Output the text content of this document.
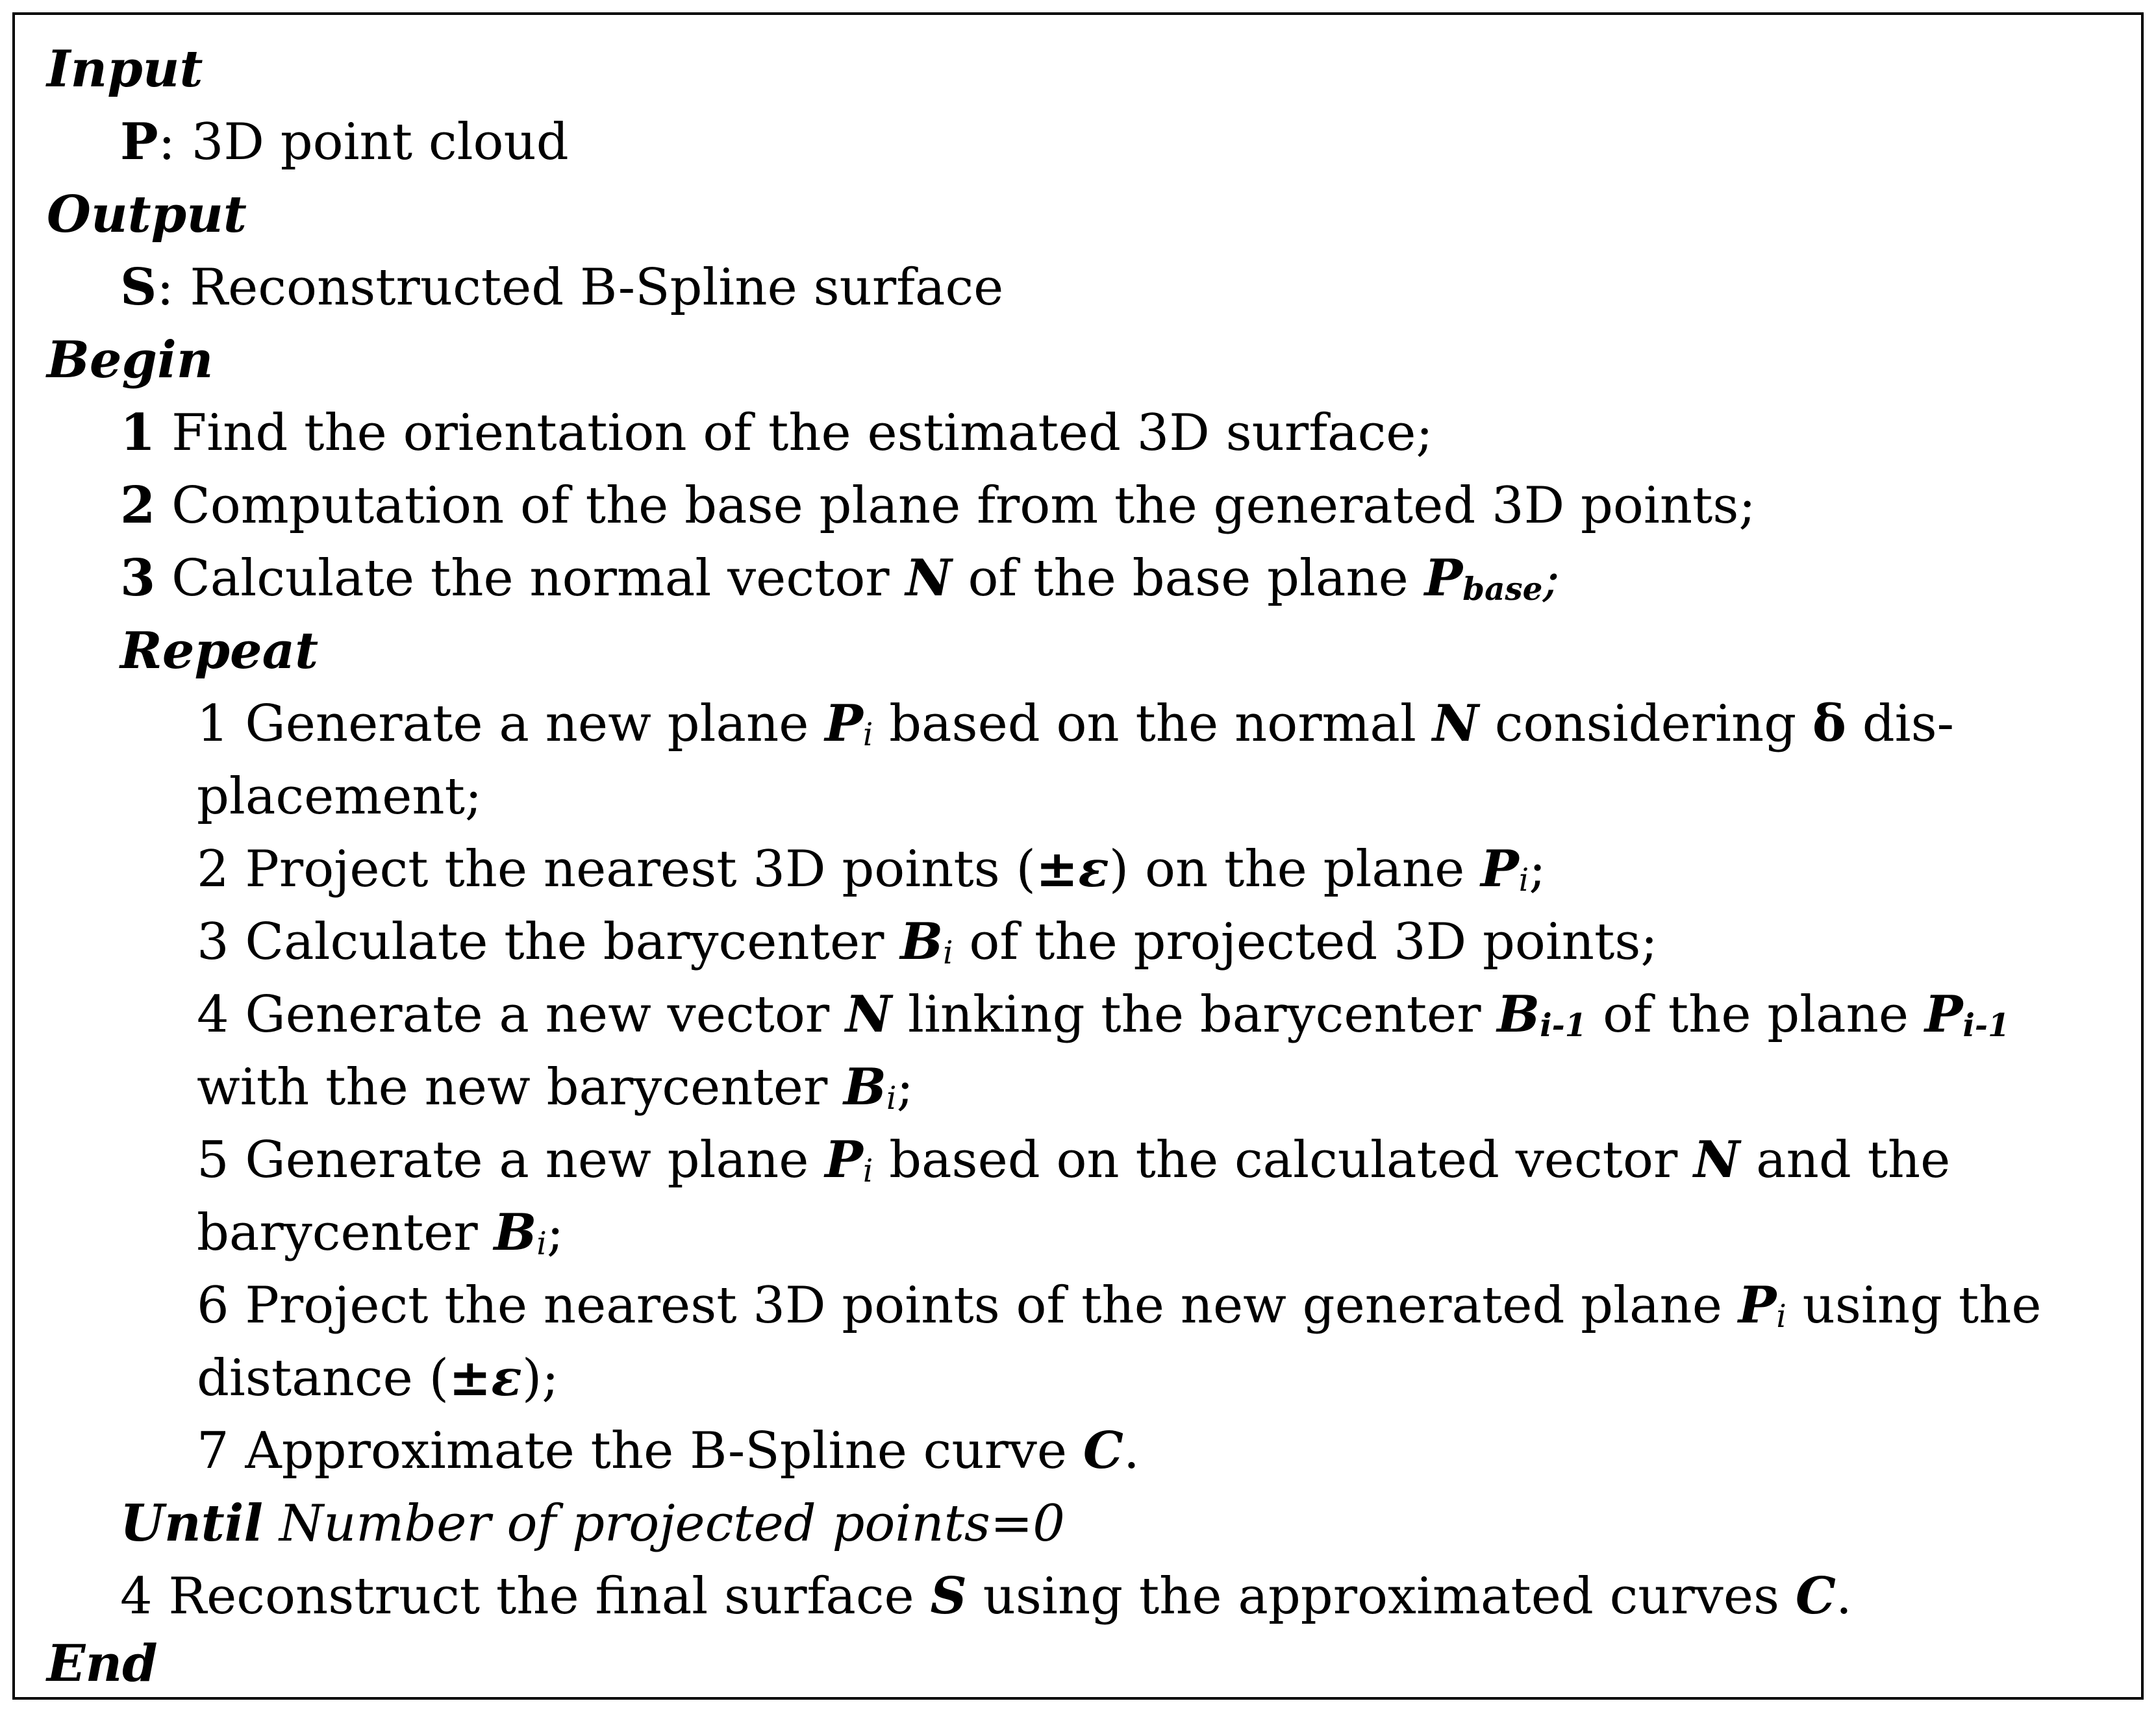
Input
P: 3D point cloud
Output
S: Reconstructed B-Spline surface
Begin
1 Find the orientation of the estimated 3D surface;
2 Computation of the base plane from the generated 3D points;
3 Calculate the normal vector N of the base plane Pbase;
Repeat
1 Generate a new plane Pi based on the normal N considering δ dis-
placement;
2 Project the nearest 3D points (±ε) on the plane Pi;
3 Calculate the barycenter Bi of the projected 3D points;
4 Generate a new vector N linking the barycenter Bi-1 of the plane Pi-1
with the new barycenter Bi;
5 Generate a new plane Pi based on the calculated vector N and the
barycenter Bi;
6 Project the nearest 3D points of the new generated plane Pi using the
distance (±ε);
7 Approximate the B-Spline curve C.
Until Number of projected points=0
4 Reconstruct the final surface S using the approximated curves C.
End
